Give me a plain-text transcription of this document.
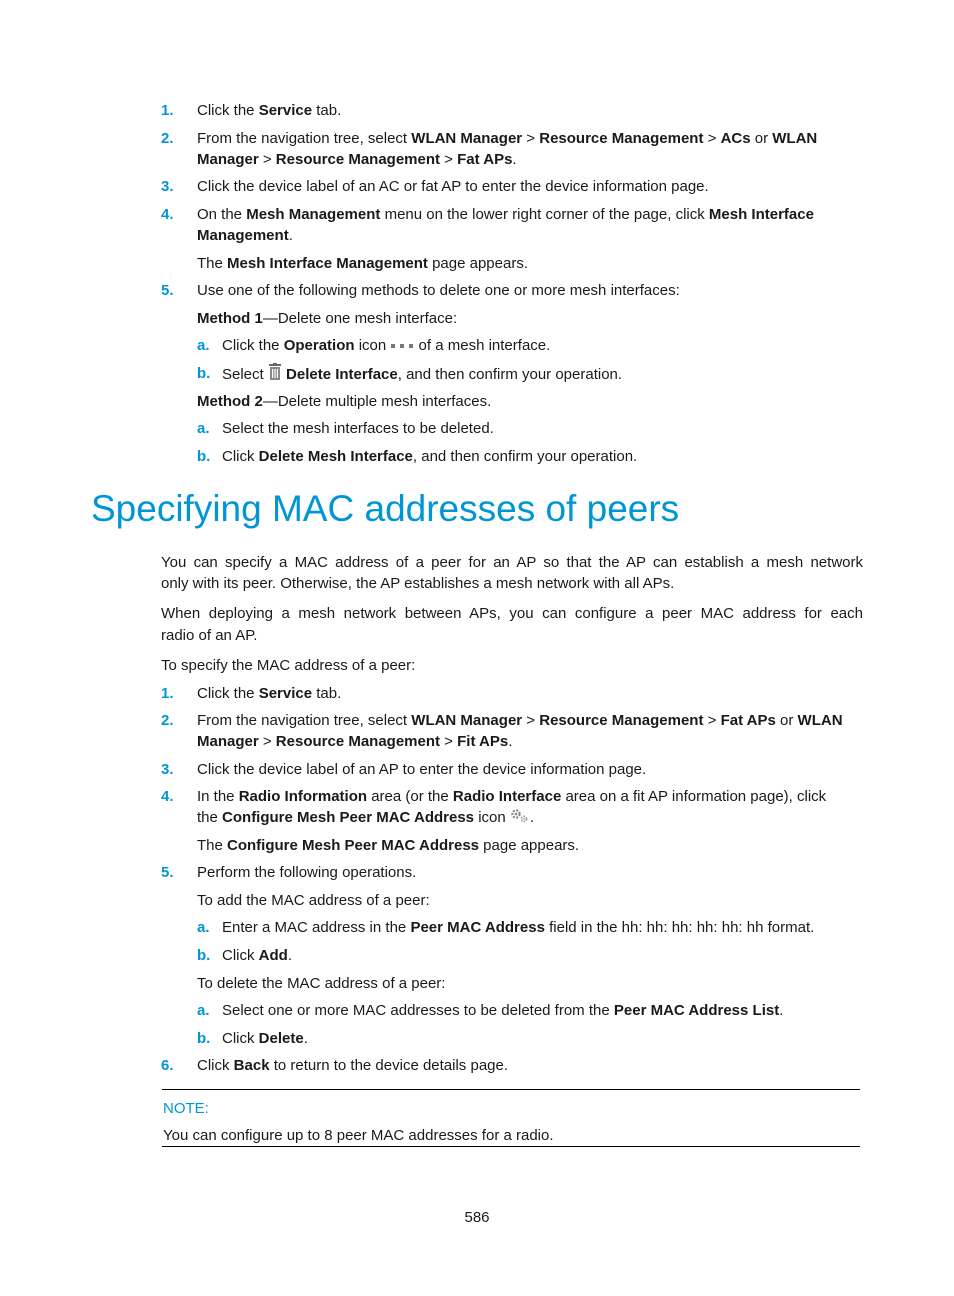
1. Click the Service tab.
2. From the navigation tree, select WLAN Manager > Resource Management > ACs or WLAN
Manager > Resource Management > Fat APs.
3. Click the device label of an AC or fat AP to enter the device information page.
4. On the Mesh Management menu on the lower right corner of the page, click Mesh Interface
Management.
The Mesh Interface Management page appears.
5. Use one of the following methods to delete one or more mesh interfaces:
Method 1—Delete one mesh interface:
a. Click the Operation icon  of a mesh interface.
b. Select  Delete Interface, and then confirm your operation.
Method 2—Delete multiple mesh interfaces.
a. Select the mesh interfaces to be deleted.
b. Click Delete Mesh Interface, and then confirm your operation.
Specifying MAC addresses of peers
You can specify a MAC address of a peer for an AP so that the AP can establish a mesh network
only with its peer. Otherwise, the AP establishes a mesh network with all APs.
When deploying a mesh network between APs, you can configure a peer MAC address for each
radio of an AP.
To specify the MAC address of a peer:
1. Click the Service tab.
2. From the navigation tree, select WLAN Manager > Resource Management > Fat APs or WLAN
Manager > Resource Management > Fit APs.
3. Click the device label of an AP to enter the device information page.
4. In the Radio Information area (or the Radio Interface area on a fit AP information page), click
the Configure Mesh Peer MAC Address icon .
The Configure Mesh Peer MAC Address page appears.
5. Perform the following operations.
To add the MAC address of a peer:
a. Enter a MAC address in the Peer MAC Address field in the hh: hh: hh: hh: hh: hh format.
b. Click Add.
To delete the MAC address of a peer:
a. Select one or more MAC addresses to be deleted from the Peer MAC Address List.
b. Click Delete.
6. Click Back to return to the device details page.
NOTE:
You can configure up to 8 peer MAC addresses for a radio.
586
